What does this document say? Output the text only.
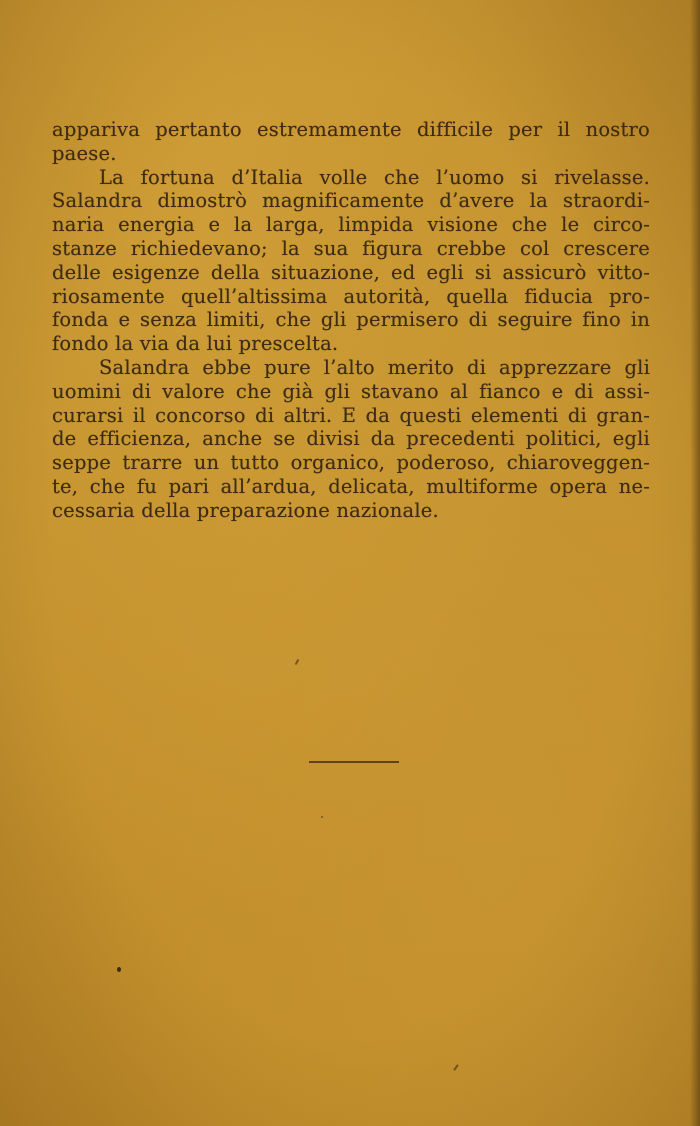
appariva pertanto estremamente difficile per il nostro

paese.

La fortuna d’Italia volle che l’uomo si rivelasse.

Salandra dimostrò magnificamente d’avere la straordi-

naria energia e la larga, limpida visione che le circo-

stanze richiedevano; la sua figura crebbe col crescere

delle esigenze della situazione, ed egli si assicurò vitto-

riosamente quell’altissima autorità, quella fiducia pro-

fonda e senza limiti, che gli permisero di seguire fino in

fondo la via da lui prescelta.

Salandra ebbe pure l’alto merito di apprezzare gli

uomini di valore che già gli stavano al fianco e di assi-

curarsi il concorso di altri. E da questi elementi di gran-

de efficienza, anche se divisi da precedenti politici, egli

seppe trarre un tutto organico, poderoso, chiaroveggen-

te, che fu pari all’ardua, delicata, multiforme opera ne-

cessaria della preparazione nazionale.
